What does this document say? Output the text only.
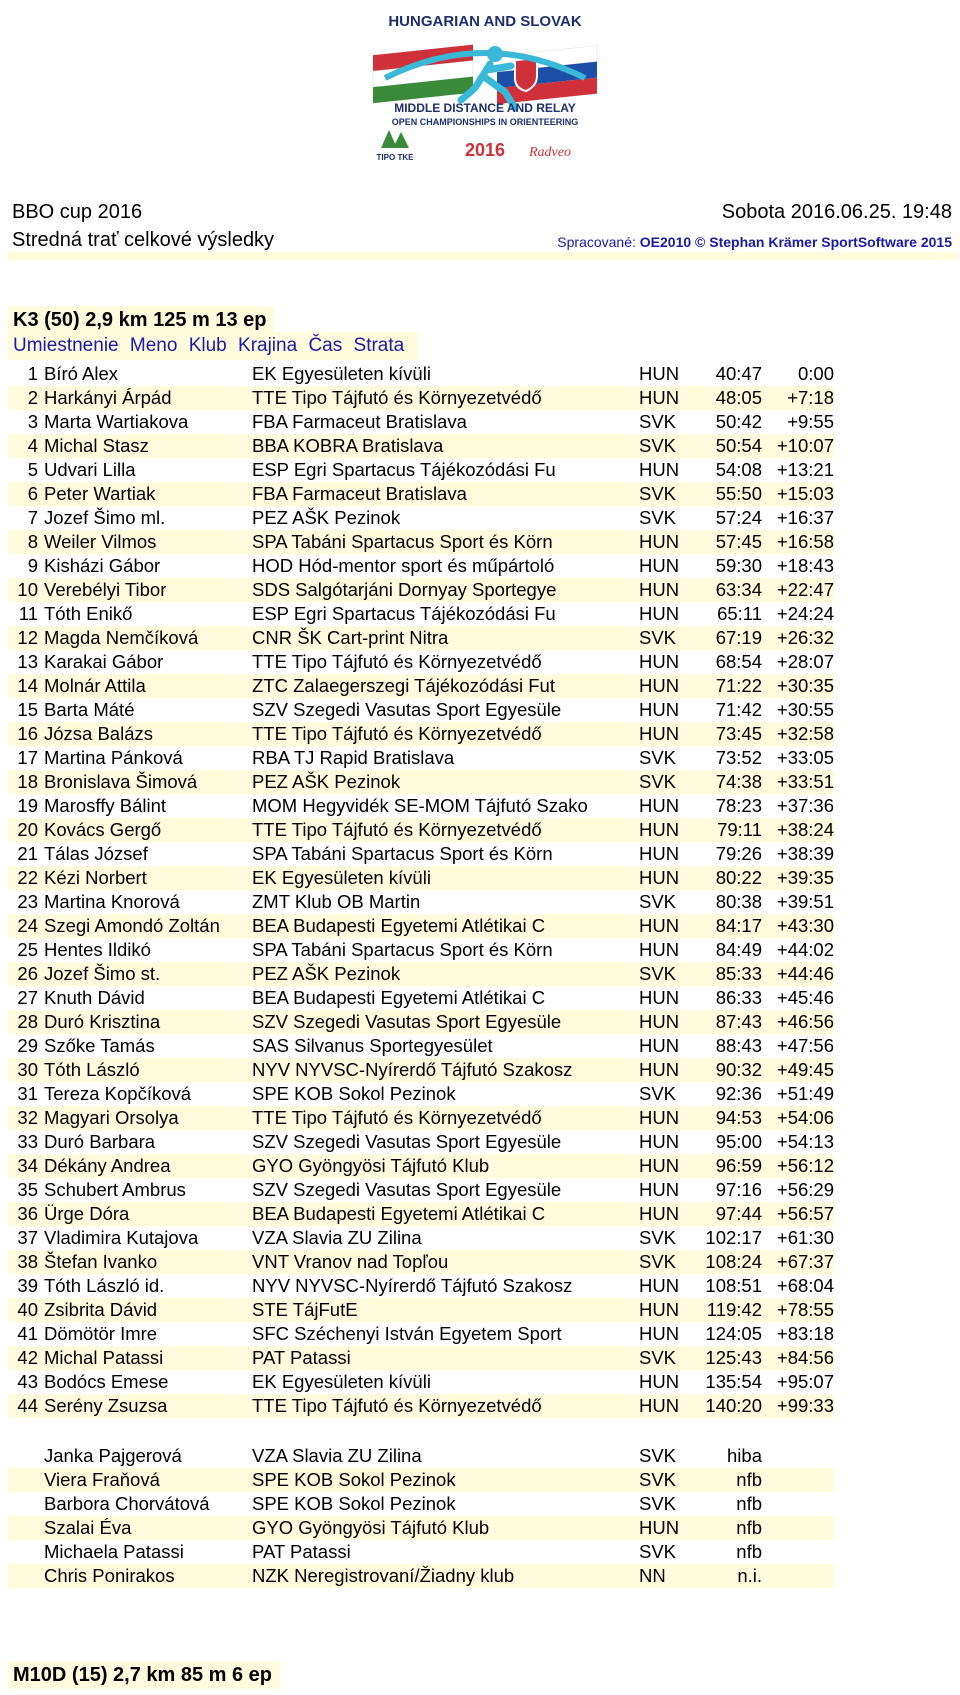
HUNGARIAN AND SLOVAK
MIDDLE DISTANCE AND RELAY
OPEN CHAMPIONSHIPS IN ORIENTEERING
TIPO TKE	2016 Radveo
BBO cup 2016	Sobota 2016.06.25. 19:48
Stredná trať celkové výsledky	Spracované: OE2010 © Stephan Krämer SportSoftware 2015
K3 (50) 2,9 km 125 m 13 ep
Umiestnenie Meno Klub Krajina Čas Strata
1 Bíró Alex	EK Egyesületen kívüli	HUN	40:47	0:00
2 Harkányi Árpád	TTE Tipo Tájfutó és Környezetvédő	HUN	48:05	+7:18
3 Marta Wartiakova	FBA Farmaceut Bratislava	SVK	50:42	+9:55
4 Michal Stasz	BBA KOBRA Bratislava	SVK	50:54 +10:07
5 Udvari Lilla	ESP Egri Spartacus Tájékozódási Fu	HUN	54:08 +13:21
6 Peter Wartiak	FBA Farmaceut Bratislava	SVK	55:50 +15:03
7 Jozef Šimo ml.	PEZ AŠK Pezinok	SVK	57:24 +16:37
8 Weiler Vilmos	SPA Tabáni Spartacus Sport és Körn	HUN	57:45 +16:58
9 Kisházi Gábor	HOD Hód-mentor sport és műpártoló	HUN	59:30 +18:43
10 Verebélyi Tibor	SDS Salgótarjáni Dornyay Sportegye	HUN	63:34 +22:47
11 Tóth Enikő	ESP Egri Spartacus Tájékozódási Fu	HUN	65:11 +24:24
12 Magda Nemčíková	CNR ŠK Cart-print Nitra	SVK	67:19 +26:32
13 Karakai Gábor	TTE Tipo Tájfutó és Környezetvédő	HUN	68:54 +28:07
14 Molnár Attila	ZTC Zalaegerszegi Tájékozódási Fut	HUN	71:22 +30:35
15 Barta Máté	SZV Szegedi Vasutas Sport Egyesüle	HUN	71:42 +30:55
16 Józsa Balázs	TTE Tipo Tájfutó és Környezetvédő	HUN	73:45 +32:58
17 Martina Pánková	RBA TJ Rapid Bratislava	SVK	73:52 +33:05
18 Bronislava Šimová	PEZ AŠK Pezinok	SVK	74:38 +33:51
19 Marosffy Bálint	MOM Hegyvidék SE-MOM Tájfutó Szako	HUN	78:23 +37:36
20 Kovács Gergő	TTE Tipo Tájfutó és Környezetvédő	HUN	79:11 +38:24
21 Tálas József	SPA Tabáni Spartacus Sport és Körn	HUN	79:26 +38:39
22 Kézi Norbert	EK Egyesületen kívüli	HUN	80:22 +39:35
23 Martina Knorová	ZMT Klub OB Martin	SVK	80:38 +39:51
24 Szegi Amondó Zoltán	BEA Budapesti Egyetemi Atlétikai C	HUN	84:17 +43:30
25 Hentes Ildikó	SPA Tabáni Spartacus Sport és Körn	HUN	84:49 +44:02
26 Jozef Šimo st.	PEZ AŠK Pezinok	SVK	85:33 +44:46
27 Knuth Dávid	BEA Budapesti Egyetemi Atlétikai C	HUN	86:33 +45:46
28 Duró Krisztina	SZV Szegedi Vasutas Sport Egyesüle	HUN	87:43 +46:56
29 Szőke Tamás	SAS Silvanus Sportegyesület	HUN	88:43 +47:56
30 Tóth László	NYV NYVSC-Nyírerdő Tájfutó Szakosz	HUN	90:32 +49:45
31 Tereza Kopčíková	SPE KOB Sokol Pezinok	SVK	92:36 +51:49
32 Magyari Orsolya	TTE Tipo Tájfutó és Környezetvédő	HUN	94:53 +54:06
33 Duró Barbara	SZV Szegedi Vasutas Sport Egyesüle	HUN	95:00 +54:13
34 Dékány Andrea	GYO Gyöngyösi Tájfutó Klub	HUN	96:59 +56:12
35 Schubert Ambrus	SZV Szegedi Vasutas Sport Egyesüle	HUN	97:16 +56:29
36 Ürge Dóra	BEA Budapesti Egyetemi Atlétikai C	HUN	97:44 +56:57
37 Vladimira Kutajova	VZA Slavia ZU Zilina	SVK	102:17 +61:30
38 Štefan Ivanko	VNT Vranov nad Topľou	SVK	108:24 +67:37
39 Tóth László id.	NYV NYVSC-Nyírerdő Tájfutó Szakosz	HUN	108:51 +68:04
40 Zsibrita Dávid	STE TájFutE	HUN	119:42 +78:55
41 Dömötör Imre	SFC Széchenyi István Egyetem Sport	HUN	124:05 +83:18
42 Michal Patassi	PAT Patassi	SVK	125:43 +84:56
43 Bodócs Emese	EK Egyesületen kívüli	HUN	135:54 +95:07
44 Serény Zsuzsa	TTE Tipo Tájfutó és Környezetvédő	HUN	140:20 +99:33
Janka Pajgerová	VZA Slavia ZU Zilina	SVK	hiba
Viera Fraňová	SPE KOB Sokol Pezinok	SVK	nfb
Barbora Chorvátová	SPE KOB Sokol Pezinok	SVK	nfb
Szalai Éva	GYO Gyöngyösi Tájfutó Klub	HUN	nfb
Michaela Patassi	PAT Patassi	SVK	nfb
Chris Ponirakos	NZK Neregistrovaní/Žiadny klub	NN	n.i.
M10D (15) 2,7 km 85 m 6 ep
